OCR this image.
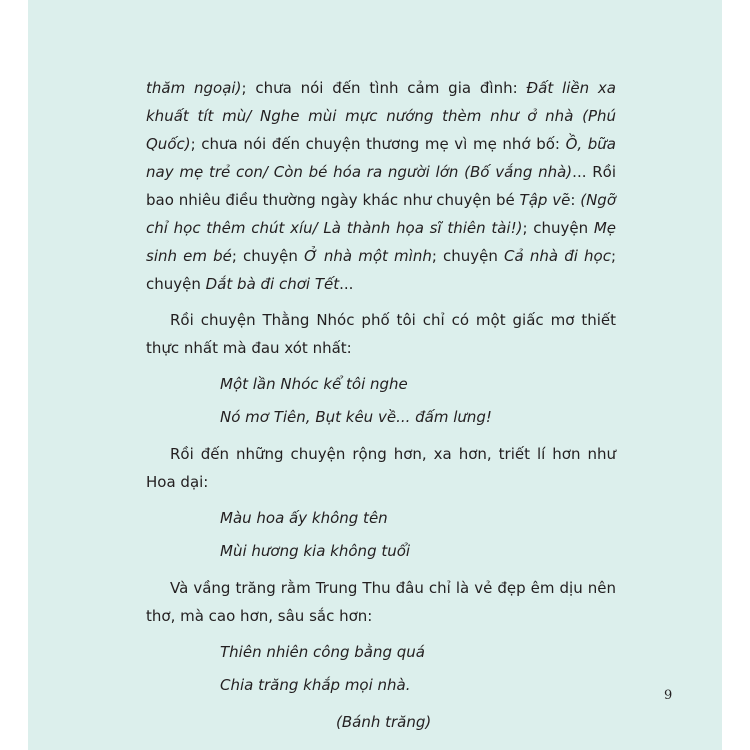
thăm ngoại); chưa nói đến tình cảm gia đình: Đất liền xa khuất tít mù/ Nghe mùi mực nướng thèm như ở nhà (Phú Quốc); chưa nói đến chuyện thương mẹ vì mẹ nhớ bố: Ồ, bữa nay mẹ trẻ con/ Còn bé hóa ra người lớn (Bố vắng nhà)... Rồi bao nhiêu điều thường ngày khác như chuyện bé Tập vẽ: (Ngỡ chỉ học thêm chút xíu/ Là thành họa sĩ thiên tài!); chuyện Mẹ sinh em bé; chuyện Ở nhà một mình; chuyện Cả nhà đi học; chuyện Dắt bà đi chơi Tết...

Rồi chuyện Thằng Nhóc phố tôi chỉ có một giấc mơ thiết thực nhất mà đau xót nhất:

Một lần Nhóc kể tôi nghe

Nó mơ Tiên, Bụt kêu về... đấm lưng!

Rồi đến những chuyện rộng hơn, xa hơn, triết lí hơn như Hoa dại:

Màu hoa ấy không tên

Mùi hương kia không tuổi

Và vầng trăng rằm Trung Thu đâu chỉ là vẻ đẹp êm dịu nên thơ, mà cao hơn, sâu sắc hơn:

Thiên nhiên công bằng quá

Chia trăng khắp mọi nhà.

(Bánh trăng)

9
